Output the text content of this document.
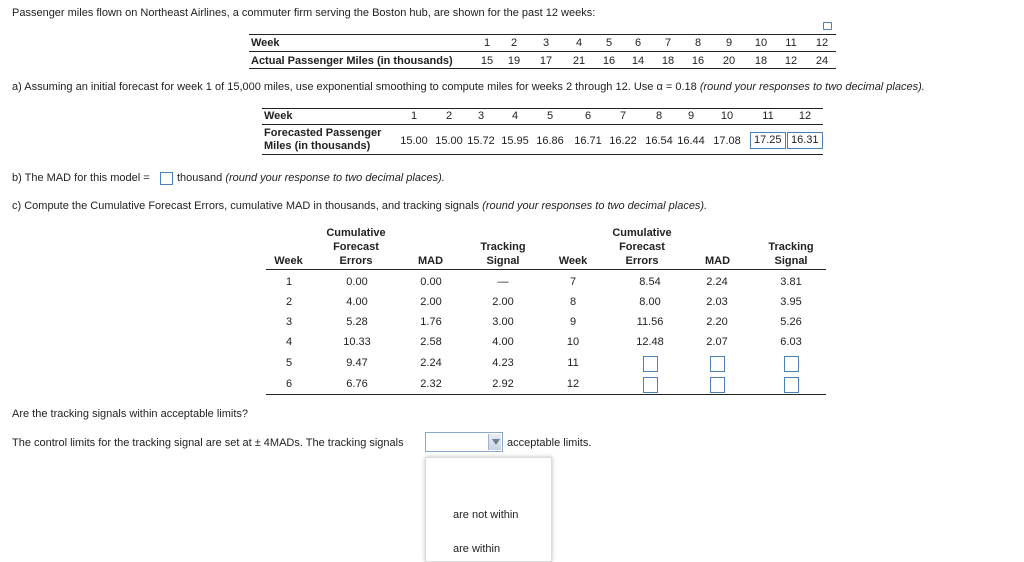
Passenger miles flown on Northeast Airlines, a commuter firm serving the Boston hub, are shown for the past 12 weeks:
Week
Actual Passenger Miles (in thousands)
1	2	3	4	5	6	7	8	9	10	11	12
15	19	17	21	16	14	18	16	20	18	12	24
a) Assuming an initial forecast for week 1 of 15,000 miles, use exponential smoothing to compute miles for weeks 2 through 12. Use α = 0.18 (round your responses to two decimal places).
Week
Forecasted Passenger
Miles (in thousands)
1	2	3	4	5	6	7	8	9	10	11	12
15.00 15.00 15.72 15.95 16.86 16.71 16.22 16.54 16.44 17.08	17.25 16.31
b) The MAD for this model = thousand (round your response to two decimal places).
c) Compute the Cumulative Forecast Errors, cumulative MAD in thousands, and tracking signals (round your responses to two decimal places).
Week
Cumulative
Forecast
Errors	MAD
Tracking
Signal	Week
Cumulative
Forecast
Errors	MAD
Tracking
Signal
1	0.00	0.00	—
2	4.00	2.00	2.00
3	5.28	1.76	3.00
4	10.33	2.58	4.00
5	9.47	2.24	4.23
6	6.76	2.32	2.92
7	8.54	2.24	3.81
8	8.00	2.03	3.95
9	11.56	2.20	5.26
10	12.48	2.07	6.03
11
12
Are the tracking signals within acceptable limits?
The control limits for the tracking signal are set at ± 4MADs. The tracking signals	acceptable limits.
are not within
are within
